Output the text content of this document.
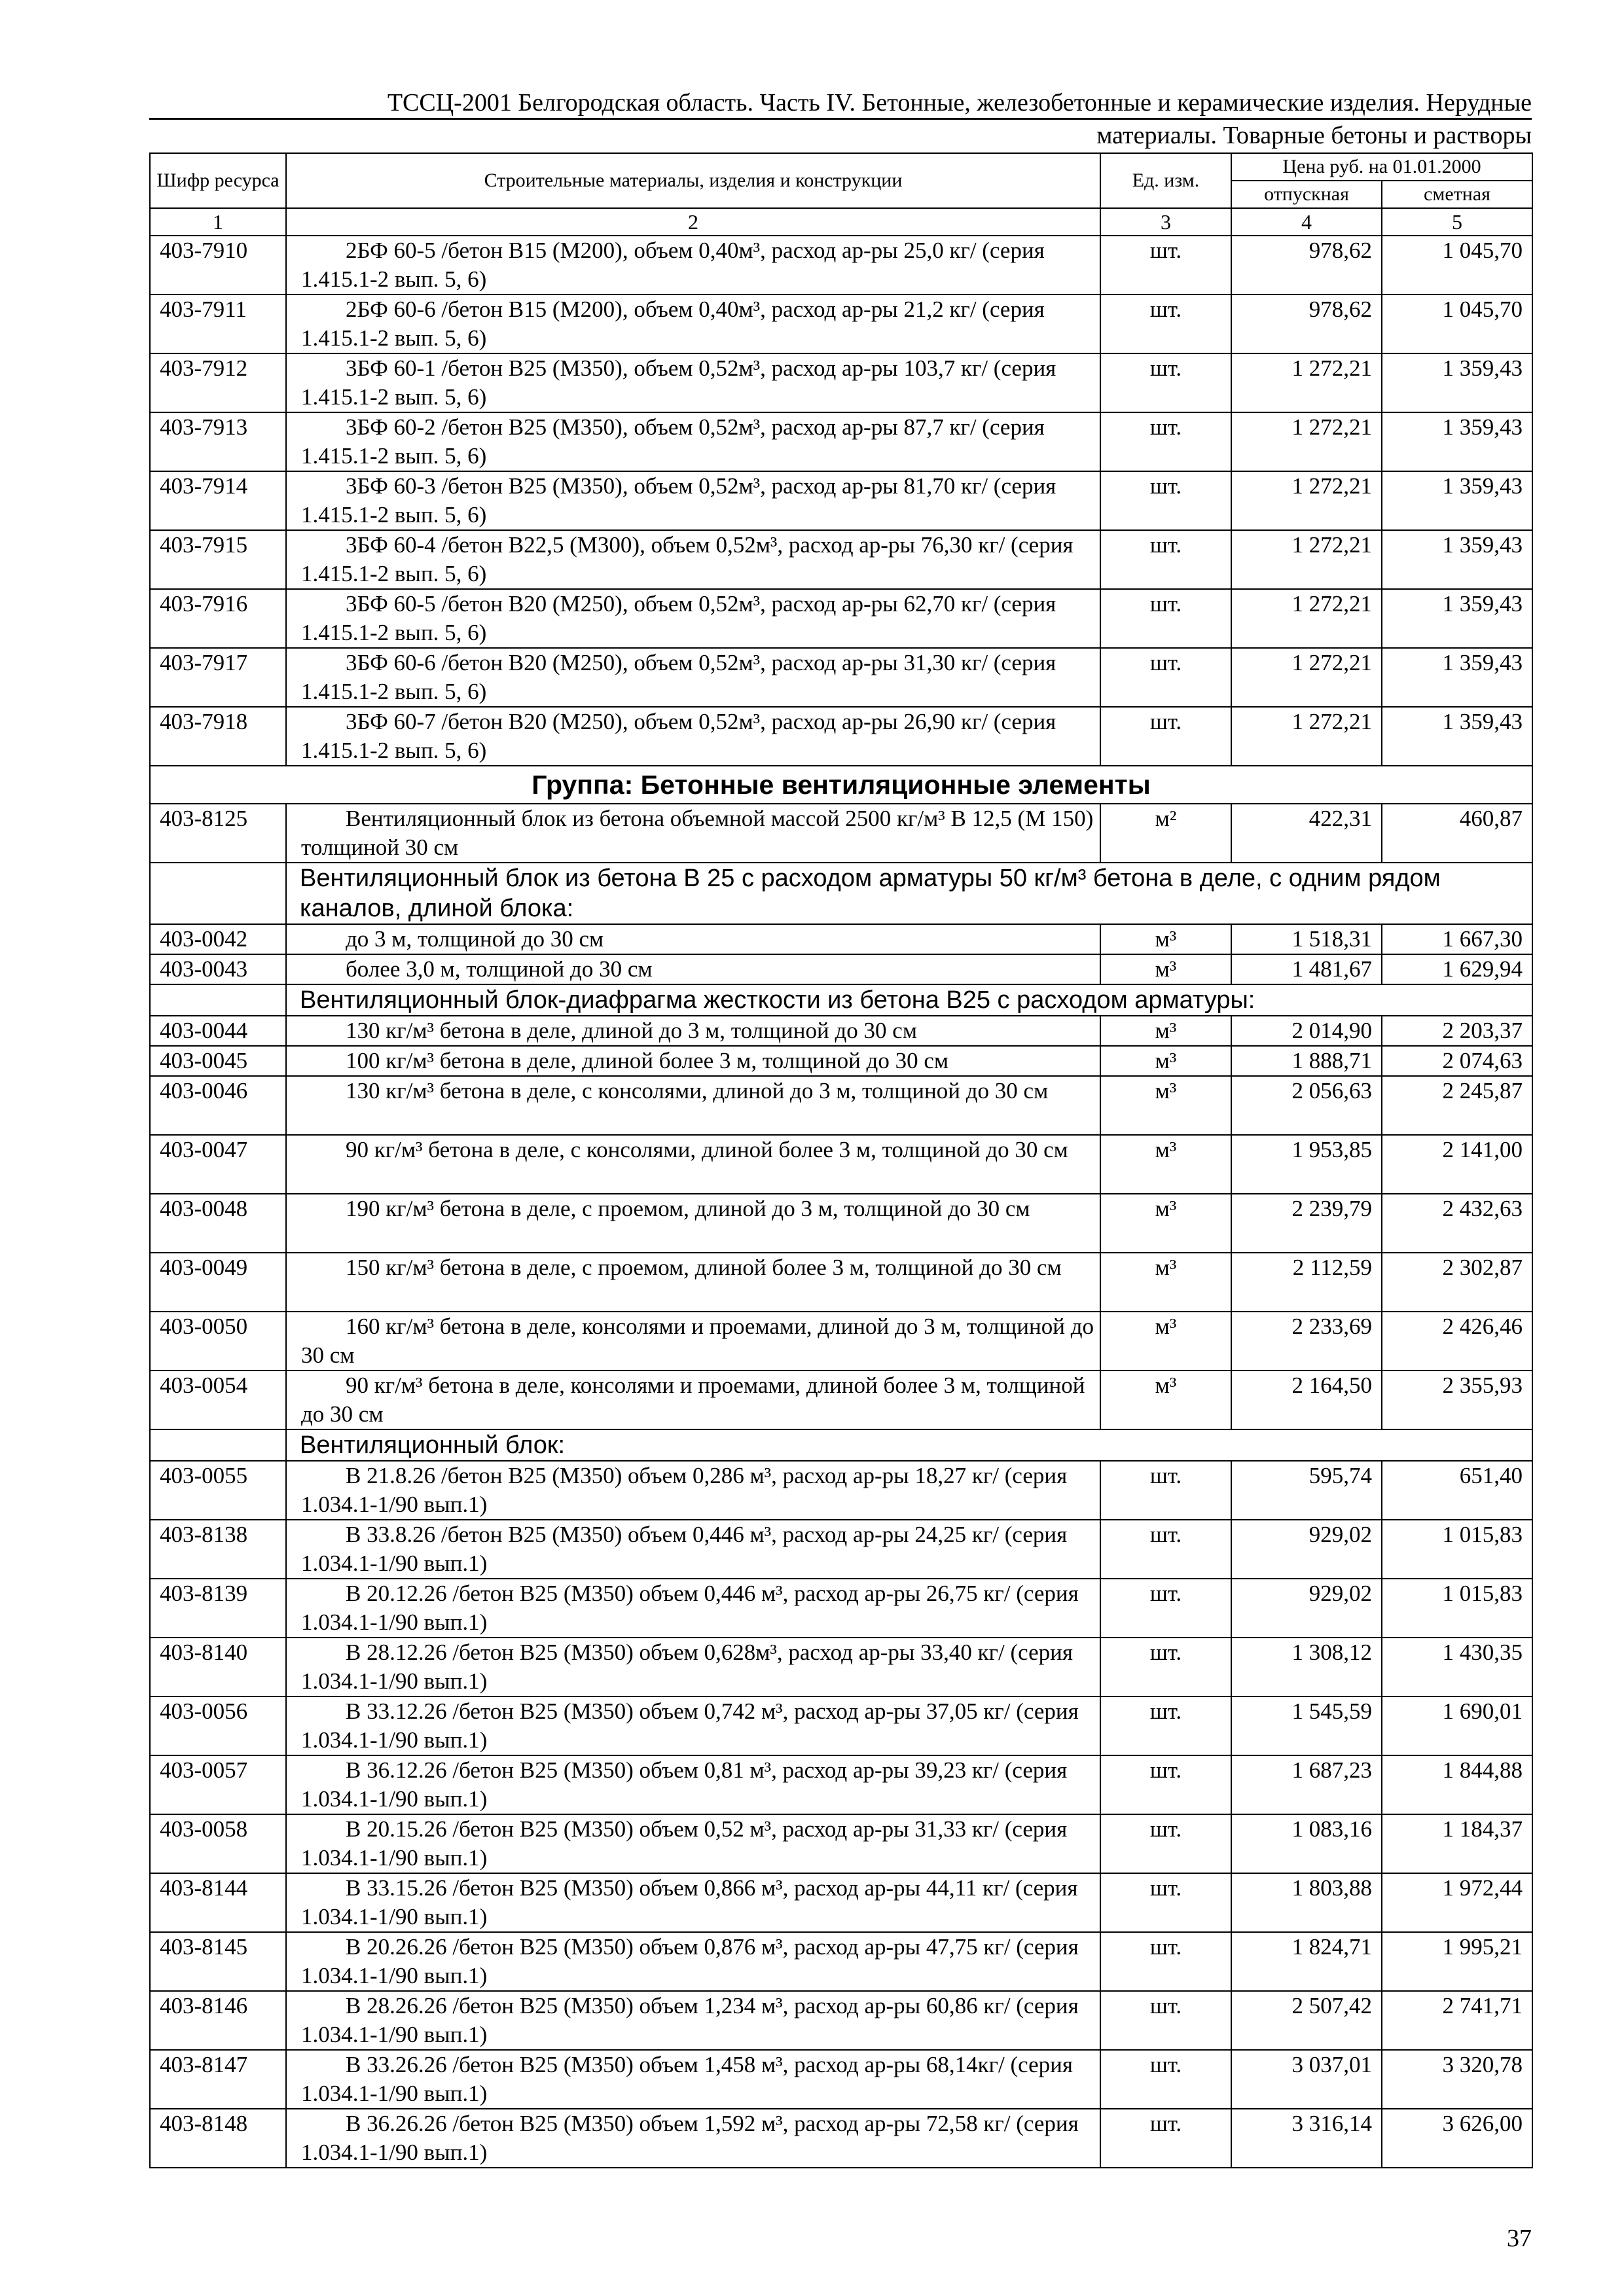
ТССЦ-2001 Белгородская область. Часть IV. Бетонные, железобетонные и керамические изделия. Нерудные
материалы. Товарные бетоны и растворы
Шифр ресурса	Строительные материалы, изделия и конструкции	Ед. изм.	Цена руб. на 01.01.2000	
			отпускная	сметная
1	2	3	4	5
403-7910	2БФ 60-5 /бетон В15 (М200), объем 0,40м³, расход ар-ры 25,0 кг/ (серия 1.415.1-2 вып. 5, 6)	шт.	978,62	1 045,70
403-7911	2БФ 60-6 /бетон В15 (М200), объем 0,40м³, расход ар-ры 21,2 кг/ (серия 1.415.1-2 вып. 5, 6)	шт.	978,62	1 045,70
403-7912	3БФ 60-1 /бетон В25 (М350), объем 0,52м³, расход ар-ры 103,7 кг/ (серия 1.415.1-2 вып. 5, 6)	шт.	1 272,21	1 359,43
403-7913	3БФ 60-2 /бетон В25 (М350), объем 0,52м³, расход ар-ры 87,7 кг/ (серия 1.415.1-2 вып. 5, 6)	шт.	1 272,21	1 359,43
403-7914	3БФ 60-3 /бетон В25 (М350), объем 0,52м³, расход ар-ры 81,70 кг/ (серия 1.415.1-2 вып. 5, 6)	шт.	1 272,21	1 359,43
403-7915	3БФ 60-4 /бетон В22,5 (М300), объем 0,52м³, расход ар-ры 76,30 кг/ (серия 1.415.1-2 вып. 5, 6)	шт.	1 272,21	1 359,43
403-7916	3БФ 60-5 /бетон В20 (М250), объем 0,52м³, расход ар-ры 62,70 кг/ (серия 1.415.1-2 вып. 5, 6)	шт.	1 272,21	1 359,43
403-7917	3БФ 60-6 /бетон В20 (М250), объем 0,52м³, расход ар-ры 31,30 кг/ (серия 1.415.1-2 вып. 5, 6)	шт.	1 272,21	1 359,43
403-7918	3БФ 60-7 /бетон В20 (М250), объем 0,52м³, расход ар-ры 26,90 кг/ (серия 1.415.1-2 вып. 5, 6)	шт.	1 272,21	1 359,43
Группа: Бетонные вентиляционные элементы				
403-8125	Вентиляционный блок из бетона объемной массой 2500 кг/м³ В 12,5 (М 150) толщиной 30 см	м²	422,31	460,87
	Вентиляционный блок из бетона В 25 с расходом арматуры 50 кг/м³ бетона в деле, с одним рядом каналов, длиной блока:			
403-0042	до 3 м, толщиной до 30 см	м³	1 518,31	1 667,30
403-0043	более 3,0 м, толщиной до 30 см	м³	1 481,67	1 629,94
	Вентиляционный блок-диафрагма жесткости из бетона В25 с расходом арматуры:			
403-0044	130 кг/м³ бетона в деле, длиной до 3 м, толщиной до 30 см	м³	2 014,90	2 203,37
403-0045	100 кг/м³ бетона в деле, длиной более 3 м, толщиной до 30 см	м³	1 888,71	2 074,63
403-0046	130 кг/м³ бетона в деле, с консолями, длиной до 3 м, толщиной до 30 см	м³	2 056,63	2 245,87
403-0047	90 кг/м³ бетона в деле, с консолями, длиной более 3 м, толщиной до 30 см	м³	1 953,85	2 141,00
403-0048	190 кг/м³ бетона в деле, с проемом, длиной до 3 м, толщиной до 30 см	м³	2 239,79	2 432,63
403-0049	150 кг/м³ бетона в деле, с проемом, длиной более 3 м, толщиной до 30 см	м³	2 112,59	2 302,87
403-0050	160 кг/м³ бетона в деле, консолями и проемами, длиной до 3 м, толщиной до 30 см	м³	2 233,69	2 426,46
403-0054	90 кг/м³ бетона в деле, консолями и проемами, длиной более 3 м, толщиной до 30 см	м³	2 164,50	2 355,93
	Вентиляционный блок:			
403-0055	В 21.8.26 /бетон В25 (М350) объем 0,286 м³, расход ар-ры 18,27 кг/ (серия 1.034.1-1/90 вып.1)	шт.	595,74	651,40
403-8138	В 33.8.26 /бетон В25 (М350) объем 0,446 м³, расход ар-ры 24,25 кг/ (серия 1.034.1-1/90 вып.1)	шт.	929,02	1 015,83
403-8139	В 20.12.26 /бетон В25 (М350) объем 0,446 м³, расход ар-ры 26,75 кг/ (серия 1.034.1-1/90 вып.1)	шт.	929,02	1 015,83
403-8140	В 28.12.26 /бетон В25 (М350) объем 0,628м³, расход ар-ры 33,40 кг/ (серия 1.034.1-1/90 вып.1)	шт.	1 308,12	1 430,35
403-0056	В 33.12.26 /бетон В25 (М350) объем 0,742 м³, расход ар-ры 37,05 кг/ (серия 1.034.1-1/90 вып.1)	шт.	1 545,59	1 690,01
403-0057	В 36.12.26 /бетон В25 (М350) объем 0,81 м³, расход ар-ры 39,23 кг/ (серия 1.034.1-1/90 вып.1)	шт.	1 687,23	1 844,88
403-0058	В 20.15.26 /бетон В25 (М350) объем 0,52 м³, расход ар-ры 31,33 кг/ (серия 1.034.1-1/90 вып.1)	шт.	1 083,16	1 184,37
403-8144	В 33.15.26 /бетон В25 (М350) объем 0,866 м³, расход ар-ры 44,11 кг/ (серия 1.034.1-1/90 вып.1)	шт.	1 803,88	1 972,44
403-8145	В 20.26.26 /бетон В25 (М350) объем 0,876 м³, расход ар-ры 47,75 кг/ (серия 1.034.1-1/90 вып.1)	шт.	1 824,71	1 995,21
403-8146	В 28.26.26 /бетон В25 (М350) объем 1,234 м³, расход ар-ры 60,86 кг/ (серия 1.034.1-1/90 вып.1)	шт.	2 507,42	2 741,71
403-8147	В 33.26.26 /бетон В25 (М350) объем 1,458 м³, расход ар-ры 68,14кг/ (серия 1.034.1-1/90 вып.1)	шт.	3 037,01	3 320,78
403-8148	В 36.26.26 /бетон В25 (М350) объем 1,592 м³, расход ар-ры 72,58 кг/ (серия 1.034.1-1/90 вып.1)	шт.	3 316,14	3 626,00
37
